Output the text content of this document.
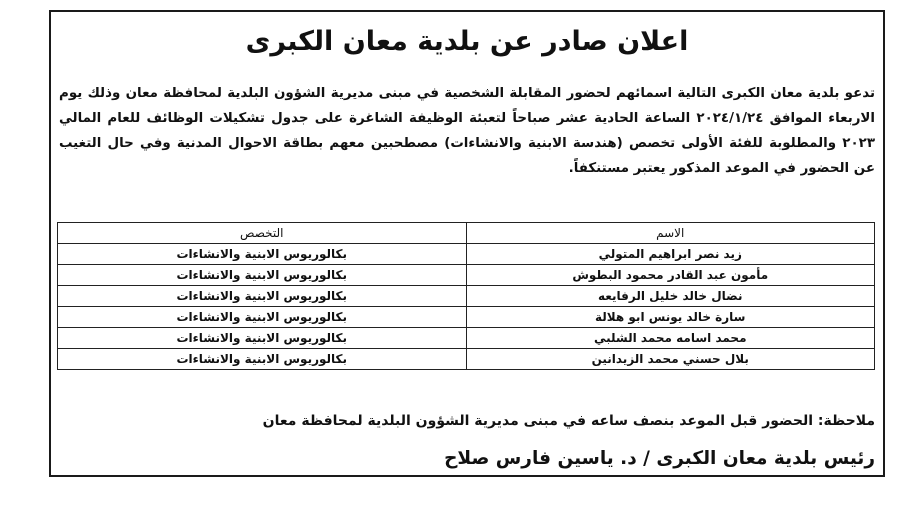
اعلان صادر عن بلدية معان الكبرى
تدعو بلدية معان الكبرى التالية اسمائهم لحضور المقابلة الشخصية في مبنى مديرية الشؤون البلدية لمحافظة معان وذلك يوم الاربعاء الموافق ٢٠٢٤/١/٢٤ الساعة الحادية عشر صباحاً لتعبئة الوظيفة الشاغرة على جدول تشكيلات الوظائف للعام المالي ٢٠٢٣ والمطلوبة للفئة الأولى تخصص (هندسة الابنية والانشاءات) مصطحبين معهم بطاقة الاحوال المدنية وفي حال التغيب عن الحضور في الموعد المذكور يعتبر مستنكفاً.
الاسم	التخصص
زيد نصر ابراهيم المتولي	بكالوريوس الابنية والانشاءات
مأمون عبد القادر محمود البطوش	بكالوريوس الابنية والانشاءات
نضال خالد خليل الرفايعه	بكالوريوس الابنية والانشاءات
سارة خالد يونس ابو هلالة	بكالوريوس الابنية والانشاءات
محمد اسامه محمد الشلبي	بكالوريوس الابنية والانشاءات
بلال حسني محمد الزيدانين	بكالوريوس الابنية والانشاءات
ملاحظة: الحضور قبل الموعد بنصف ساعه في مبنى مديرية الشؤون البلدية لمحافظة معان
رئيس بلدية معان الكبرى / د. ياسين فارس صلاح
